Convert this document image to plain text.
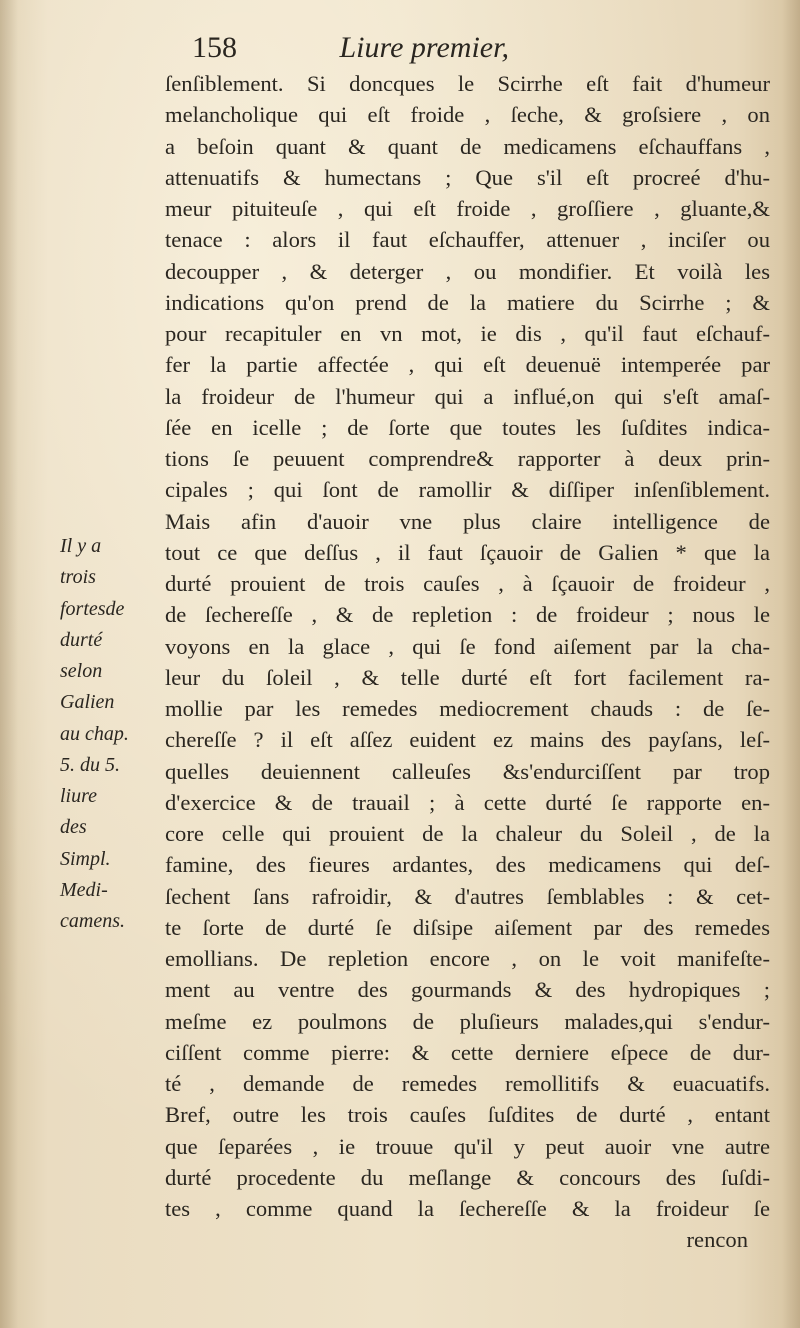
158	Liure premier,
Il y a
trois
fortesde
durté
selon
Galien
au chap.
5. du 5.
liure
des
Simpl.
Medi-
camens.
ſenſiblement. Si doncques le Scirrhe eſt fait d'humeur
melancholique qui eſt froide , ſeche, & groſsiere , on
a beſoin quant & quant de medicamens eſchauffans ,
attenuatifs & humectans ; Que s'il eſt procreé d'hu-
meur pituiteuſe , qui eſt froide , groſſiere , gluante,&
tenace : alors il faut eſchauffer, attenuer , inciſer ou
decoupper , & deterger , ou mondifier. Et voilà les
indications qu'on prend de la matiere du Scirrhe ; &
pour recapituler en vn mot, ie dis , qu'il faut eſchauf-
fer la partie affectée , qui eſt deuenuë intemperée par
la froideur de l'humeur qui a influé,on qui s'eſt amaſ-
ſée en icelle ; de ſorte que toutes les ſuſdites indica-
tions ſe peuuent comprendre& rapporter à deux prin-
cipales ; qui ſont de ramollir & diſſiper inſenſiblement.
Mais afin d'auoir vne plus claire intelligence de
tout ce que deſſus , il faut ſçauoir de Galien * que la
durté prouient de trois cauſes , à ſçauoir de froideur ,
de ſechereſſe , & de repletion : de froideur ; nous le
voyons en la glace , qui ſe fond aiſement par la cha-
leur du ſoleil , & telle durté eſt fort facilement ra-
mollie par les remedes mediocrement chauds : de ſe-
chereſſe ? il eſt aſſez euident ez mains des payſans, leſ-
quelles deuiennent calleuſes &s'endurciſſent par trop
d'exercice & de trauail ; à cette durté ſe rapporte en-
core celle qui prouient de la chaleur du Soleil , de la
famine, des fieures ardantes, des medicamens qui deſ-
ſechent ſans rafroidir, & d'autres ſemblables : & cet-
te ſorte de durté ſe diſsipe aiſement par des remedes
emollians. De repletion encore , on le voit manifeſte-
ment au ventre des gourmands & des hydropiques ;
meſme ez poulmons de pluſieurs malades,qui s'endur-
ciſſent comme pierre: & cette derniere eſpece de dur-
té , demande de remedes remollitifs & euacuatifs.
Bref, outre les trois cauſes ſuſdites de durté , entant
que ſeparées , ie trouue qu'il y peut auoir vne autre
durté procedente du meſlange & concours des ſuſdi-
tes , comme quand la ſechereſſe & la froideur ſe
rencon
